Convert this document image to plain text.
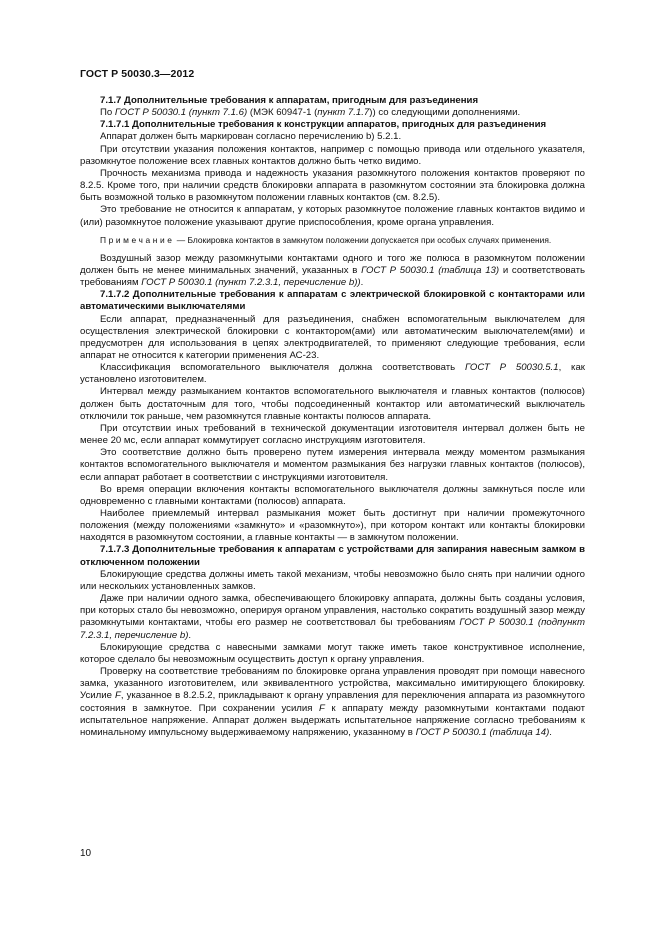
ГОСТ Р 50030.3—2012

7.1.7 Дополнительные требования к аппаратам, пригодным для разъединения

По ГОСТ Р 50030.1 (пункт 7.1.6) (МЭК 60947-1 (пункт 7.1.7)) со следующими дополнениями.

7.1.7.1 Дополнительные требования к конструкции аппаратов, пригодных для разъединения

Аппарат должен быть маркирован согласно перечислению b) 5.2.1.

При отсутствии указания положения контактов, например с помощью привода или отдельного указателя, разомкнутое положение всех главных контактов должно быть четко видимо.

Прочность механизма привода и надежность указания разомкнутого положения контактов проверяют по 8.2.5. Кроме того, при наличии средств блокировки аппарата в разомкнутом состоянии эта блокировка должна быть возможной только в разомкнутом положении главных контактов (см. 8.2.5).

Это требование не относится к аппаратам, у которых разомкнутое положение главных контактов видимо и (или) разомкнутое положение указывают другие приспособления, кроме органа управления.

Примечание — Блокировка контактов в замкнутом положении допускается при особых случаях применения.

Воздушный зазор между разомкнутыми контактами одного и того же полюса в разомкнутом положении должен быть не менее минимальных значений, указанных в ГОСТ Р 50030.1 (таблица 13) и соответствовать требованиям ГОСТ Р 50030.1 (пункт 7.2.3.1, перечисление b)).

7.1.7.2 Дополнительные требования к аппаратам с электрической блокировкой с контакторами или автоматическими выключателями

Если аппарат, предназначенный для разъединения, снабжен вспомогательным выключателем для осуществления электрической блокировки с контактором(ами) или автоматическим выключателем(ями) и предусмотрен для использования в цепях электродвигателей, то применяют следующие требования, если аппарат не относится к категории применения АС-23.

Классификация вспомогательного выключателя должна соответствовать ГОСТ Р 50030.5.1, как установлено изготовителем.

Интервал между размыканием контактов вспомогательного выключателя и главных контактов (полюсов) должен быть достаточным для того, чтобы подсоединенный контактор или автоматический выключатель отключили ток раньше, чем разомкнутся главные контакты полюсов аппарата.

При отсутствии иных требований в технической документации изготовителя интервал должен быть не менее 20 мс, если аппарат коммутирует согласно инструкциям изготовителя.

Это соответствие должно быть проверено путем измерения интервала между моментом размыкания контактов вспомогательного выключателя и моментом размыкания без нагрузки главных контактов (полюсов), если аппарат работает в соответствии с инструкциями изготовителя.

Во время операции включения контакты вспомогательного выключателя должны замкнуться после или одновременно с главными контактами (полюсов) аппарата.

Наиболее приемлемый интервал размыкания может быть достигнут при наличии промежуточного положения (между положениями «замкнуто» и «разомкнуто»), при котором контакт или контакты блокировки находятся в разомкнутом состоянии, а главные контакты — в замкнутом положении.

7.1.7.3 Дополнительные требования к аппаратам с устройствами для запирания навесным замком в отключенном положении

Блокирующие средства должны иметь такой механизм, чтобы невозможно было снять при наличии одного или нескольких установленных замков.

Даже при наличии одного замка, обеспечивающего блокировку аппарата, должны быть созданы условия, при которых стало бы невозможно, оперируя органом управления, настолько сократить воздушный зазор между разомкнутыми контактами, чтобы его размер не соответствовал бы требованиям ГОСТ Р 50030.1 (подпункт 7.2.3.1, перечисление b).

Блокирующие средства с навесными замками могут также иметь такое конструктивное исполнение, которое сделало бы невозможным осуществить доступ к органу управления.

Проверку на соответствие требованиям по блокировке органа управления проводят при помощи навесного замка, указанного изготовителем, или эквивалентного устройства, максимально имитирующего блокировку. Усилие F, указанное в 8.2.5.2, прикладывают к органу управления для переключения аппарата из разомкнутого состояния в замкнутое. При сохранении усилия F к аппарату между разомкнутыми контактами подают испытательное напряжение. Аппарат должен выдержать испытательное напряжение согласно требованиям к номинальному импульсному выдерживаемому напряжению, указанному в ГОСТ Р 50030.1 (таблица 14).

10
